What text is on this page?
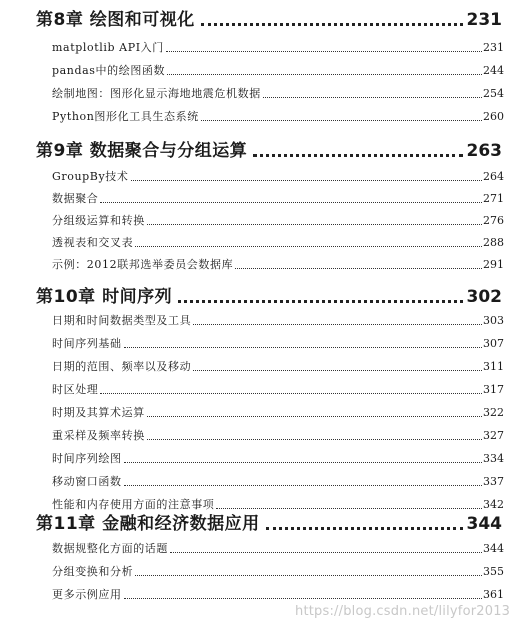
第8章 绘图和可视化	231
matplotlib API入门	231
pandas中的绘图函数	244
绘制地图：图形化显示海地地震危机数据	254
Python图形化工具生态系统	260
第9章 数据聚合与分组运算	263
GroupBy技术	264
数据聚合	271
分组级运算和转换	276
透视表和交叉表	288
示例：2012联邦选举委员会数据库	291
第10章 时间序列	302
日期和时间数据类型及工具	303
时间序列基础	307
日期的范围、频率以及移动	311
时区处理	317
时期及其算术运算	322
重采样及频率转换	327
时间序列绘图	334
移动窗口函数	337
性能和内存使用方面的注意事项	342
第11章 金融和经济数据应用	344
数据规整化方面的话题	344
分组变换和分析	355
更多示例应用	361
https://blog.csdn.net/lilyfor2013
